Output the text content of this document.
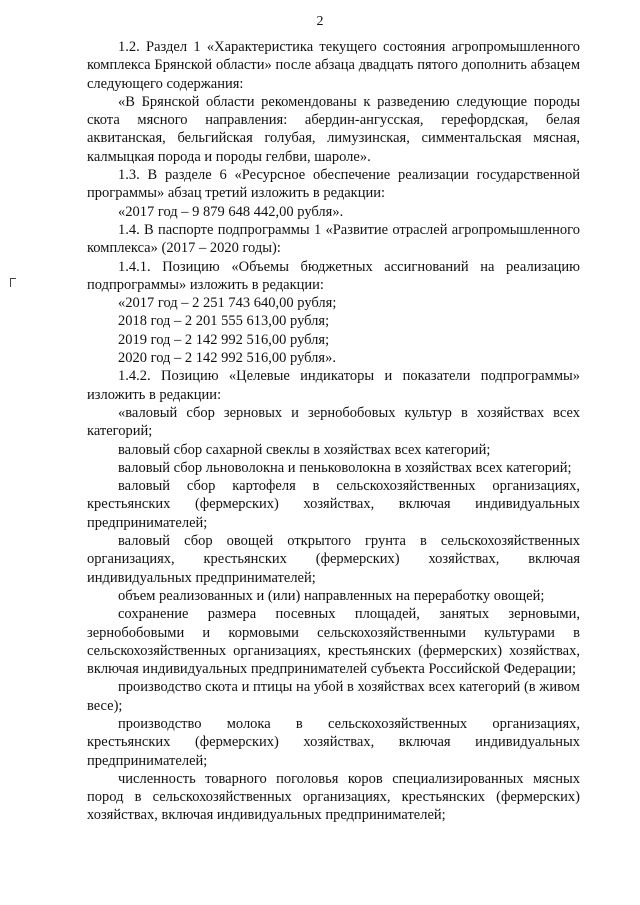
2

1.2. Раздел 1 «Характеристика текущего состояния агропромышленного комплекса Брянской области» после абзаца двадцать пятого дополнить абзацем следующего содержания:

«В Брянской области рекомендованы к разведению следующие породы скота мясного направления: абердин-ангусская, герефордская, белая аквитанская, бельгийская голубая, лимузинская, симментальская мясная, калмыцкая порода и породы гелбви, шароле».

1.3. В разделе 6 «Ресурсное обеспечение реализации государственной программы» абзац третий изложить в редакции:

«2017 год – 9 879 648 442,00 рубля».

1.4. В паспорте подпрограммы 1 «Развитие отраслей агропромышленного комплекса» (2017 – 2020 годы):

1.4.1. Позицию «Объемы бюджетных ассигнований на реализацию подпрограммы» изложить в редакции:

«2017 год – 2 251 743 640,00 рубля;

2018 год – 2 201 555 613,00 рубля;

2019 год – 2 142 992 516,00 рубля;

2020 год – 2 142 992 516,00 рубля».

1.4.2. Позицию «Целевые индикаторы и показатели подпрограммы» изложить в редакции:

«валовый сбор зерновых и зернобобовых культур в хозяйствах всех категорий;

валовый сбор сахарной свеклы в хозяйствах всех категорий;

валовый сбор льноволокна и пеньковолокна в хозяйствах всех категорий;

валовый сбор картофеля в сельскохозяйственных организациях, крестьянских (фермерских) хозяйствах, включая индивидуальных предпринимателей;

валовый сбор овощей открытого грунта в сельскохозяйственных организациях, крестьянских (фермерских) хозяйствах, включая индивидуальных предпринимателей;

объем реализованных и (или) направленных на переработку овощей;

сохранение размера посевных площадей, занятых зерновыми, зернобобовыми и кормовыми сельскохозяйственными культурами в сельскохозяйственных организациях, крестьянских (фермерских) хозяйствах, включая индивидуальных предпринимателей субъекта Российской Федерации;

производство скота и птицы на убой в хозяйствах всех категорий (в живом весе);

производство молока в сельскохозяйственных организациях, крестьянских (фермерских) хозяйствах, включая индивидуальных предпринимателей;

численность товарного поголовья коров специализированных мясных пород в сельскохозяйственных организациях, крестьянских (фермерских) хозяйствах, включая индивидуальных предпринимателей;
